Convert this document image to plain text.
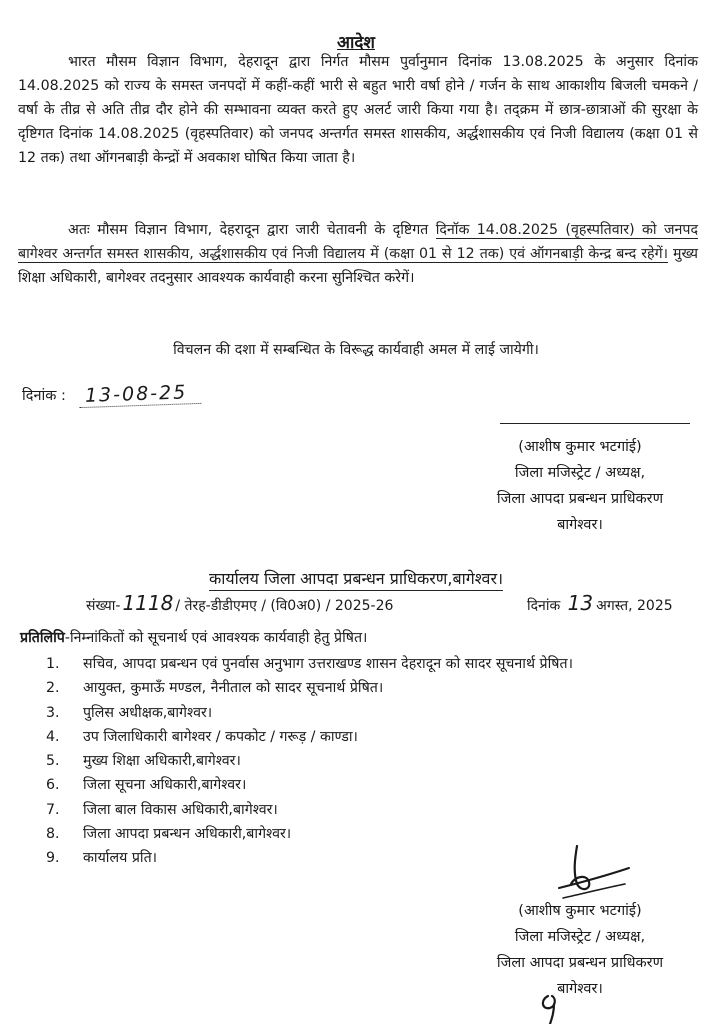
आदेश
भारत मौसम विज्ञान विभाग, देहरादून द्वारा निर्गत मौसम पुर्वानुमान दिनांक 13.08.2025 के अनुसार दिनांक 14.08.2025 को राज्य के समस्त जनपदों में कहीं-कहीं भारी से बहुत भारी वर्षा होने / गर्जन के साथ आकाशीय बिजली चमकने / वर्षा के तीव्र से अति तीव्र दौर होने की सम्भावना व्यक्त करते हुए अलर्ट जारी किया गया है। तद्क्रम में छात्र-छात्राओं की सुरक्षा के दृष्टिगत दिनांक 14.08.2025 (वृहस्पतिवार) को जनपद अन्तर्गत समस्त शासकीय, अर्द्धशासकीय एवं निजी विद्यालय (कक्षा 01 से 12 तक) तथा ऑगनबाड़ी केन्द्रों में अवकाश घोषित किया जाता है।
अतः मौसम विज्ञान विभाग, देहरादून द्वारा जारी चेतावनी के दृष्टिगत दिनॉक 14.08.2025 (वृहस्पतिवार) को जनपद बागेश्वर अन्तर्गत समस्त शासकीय, अर्द्धशासकीय एवं निजी विद्यालय में (कक्षा 01 से 12 तक) एवं ऑगनबाड़ी केन्द्र बन्द रहेगें। मुख्य शिक्षा अधिकारी, बागेश्वर तदनुसार आवश्यक कार्यवाही करना सुनिश्चित करेगें।
विचलन की दशा में सम्बन्धित के विरूद्ध कार्यवाही अमल में लाई जायेगी।
दिनांक : 13-08-25
(आशीष कुमार भटगांई)
जिला मजिस्ट्रेट / अध्यक्ष,
जिला आपदा प्रबन्धन प्राधिकरण
बागेश्वर।
कार्यालय जिला आपदा प्रबन्धन प्राधिकरण,बागेश्वर।
संख्या- 1118 / तेरह-डीडीएमए / (वि0अ0) / 2025-26	दिनांक 13 अगस्त, 2025
प्रतिलिपि-निम्नांकितों को सूचनार्थ एवं आवश्यक कार्यवाही हेतु प्रेषित।
1. सचिव, आपदा प्रबन्धन एवं पुनर्वास अनुभाग उत्तराखण्ड शासन देहरादून को सादर सूचनार्थ प्रेषित।
2. आयुक्त, कुमाऊँ मण्डल, नैनीताल को सादर सूचनार्थ प्रेषित।
3. पुलिस अधीक्षक,बागेश्वर।
4. उप जिलाधिकारी बागेश्वर / कपकोट / गरूड़ / काण्डा।
5. मुख्य शिक्षा अधिकारी,बागेश्वर।
6. जिला सूचना अधिकारी,बागेश्वर।
7. जिला बाल विकास अधिकारी,बागेश्वर।
8. जिला आपदा प्रबन्धन अधिकारी,बागेश्वर।
9. कार्यालय प्रति।
(आशीष कुमार भटगांई)
जिला मजिस्ट्रेट / अध्यक्ष,
जिला आपदा प्रबन्धन प्राधिकरण
बागेश्वर।
